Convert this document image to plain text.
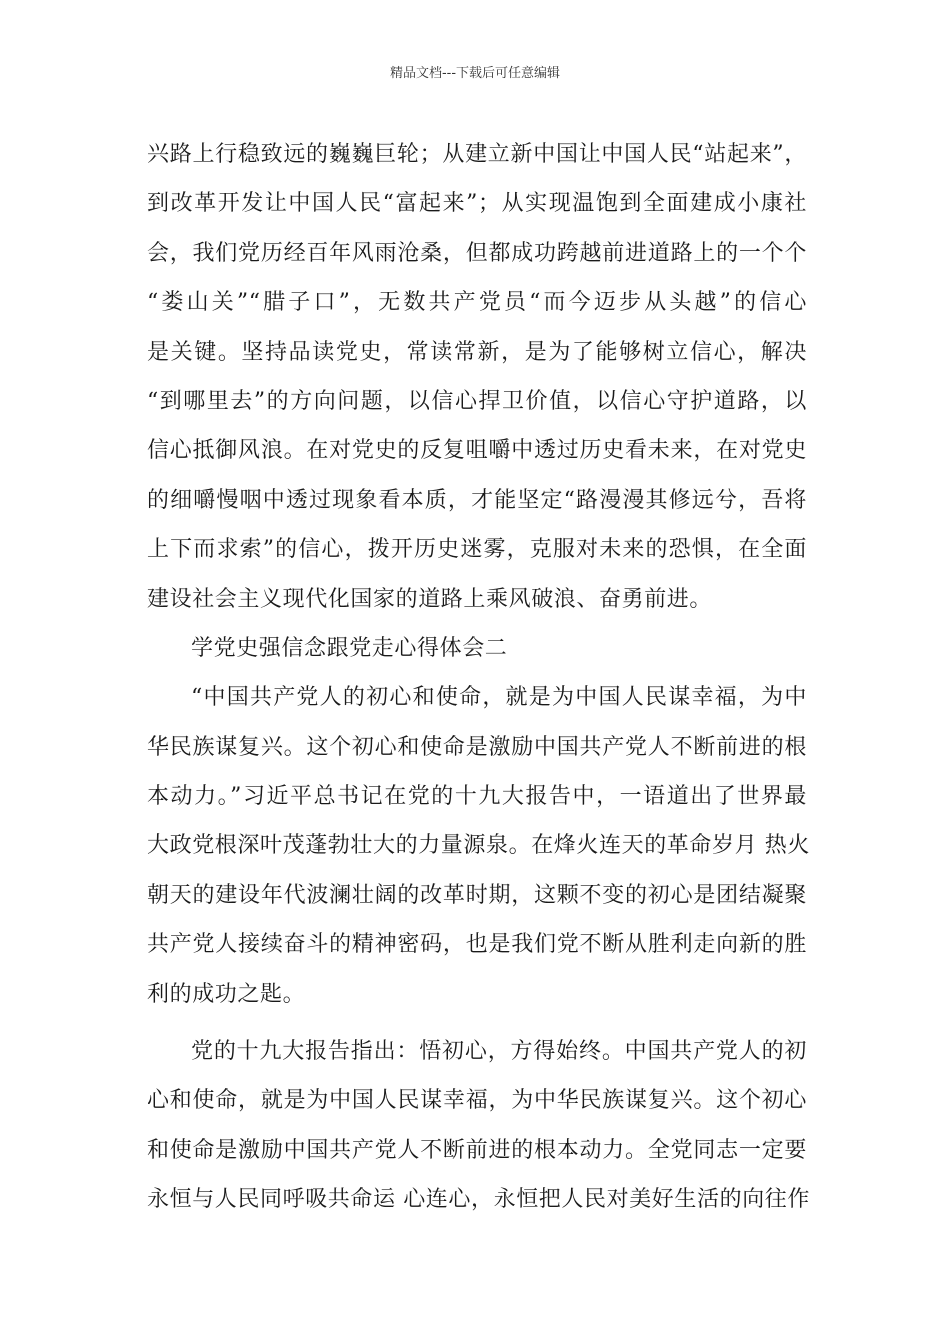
精品文档---下载后可任意编辑
兴路上行稳致远的巍巍巨轮；从建立新中国让中国人民“站起来”，
到改革开发让中国人民“富起来”；从实现温饱到全面建成小康社
会，我们党历经百年风雨沧桑，但都成功跨越前进道路上的一个个
“娄山关”“腊子口”，无数共产党员“而今迈步从头越”的信心
是关键。坚持品读党史，常读常新，是为了能够树立信心，解决
“到哪里去”的方向问题，以信心捍卫价值，以信心守护道路，以
信心抵御风浪。在对党史的反复咀嚼中透过历史看未来，在对党史
的细嚼慢咽中透过现象看本质，才能坚定“路漫漫其修远兮，吾将
上下而求索”的信心，拨开历史迷雾，克服对未来的恐惧，在全面
建设社会主义现代化国家的道路上乘风破浪、奋勇前进。
学党史强信念跟党走心得体会二
“中国共产党人的初心和使命，就是为中国人民谋幸福，为中
华民族谋复兴。这个初心和使命是激励中国共产党人不断前进的根
本动力。”习近平总书记在党的十九大报告中，一语道出了世界最
大政党根深叶茂蓬勃壮大的力量源泉。在烽火连天的革命岁月 热火
朝天的建设年代波澜壮阔的改革时期，这颗不变的初心是团结凝聚
共产党人接续奋斗的精神密码，也是我们党不断从胜利走向新的胜
利的成功之匙。
党的十九大报告指出：悟初心，方得始终。中国共产党人的初
心和使命，就是为中国人民谋幸福，为中华民族谋复兴。这个初心
和使命是激励中国共产党人不断前进的根本动力。全党同志一定要
永恒与人民同呼吸共命运 心连心，永恒把人民对美好生活的向往作
